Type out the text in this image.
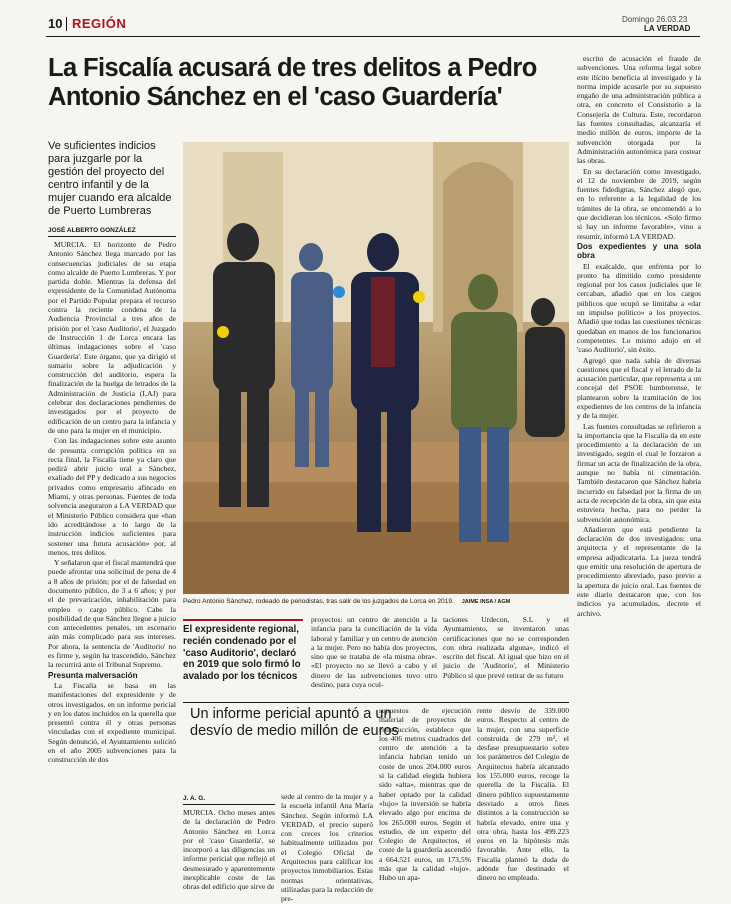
10 REGIÓN	Domingo 26.03.23
LA VERDAD
La Fiscalía acusará de tres delitos a Pedro Antonio Sánchez en el 'caso Guardería'
Ve suficientes indicios para juzgarle por la gestión del proyecto del centro infantil y de la mujer cuando era alcalde de Puerto Lumbreras
JOSÉ ALBERTO GONZÁLEZ

MURCIA. El horizonte de Pedro Antonio Sánchez llega marcado por las consecuencias judiciales de su etapa como alcalde de Puerto Lumbreras. Y por partida doble. Mientras la defensa del expresidente de la Comunidad Autónoma por el Partido Popular prepara el recurso contra la reciente condena de la Audiencia Provincial a tres años de prisión por el 'caso Auditorio', el Juzgado de Instrucción 1 de Lorca encara las últimas indagaciones sobre el 'caso Guardería'. Este órgano, que ya dirigió el sumario sobre la adjudicación y construcción del auditorio, espera la finalización de la huelga de letrados de la Administración de Justicia (LAJ) para celebrar dos declaraciones pendientes de investigados por el proyecto de edificación de un centro para la infancia y de uno para la mujer en el municipio.

Con las indagaciones sobre este asunto de presunta corrupción política en su recta final, la Fiscalía tiene ya claro que pedirá abrir juicio oral a Sánchez, exaliado del PP y dedicado a sus negocios privados como empresario afincado en Miami, y otras personas. Fuentes de toda solvencia aseguraron a LA VERDAD que el Ministerio Público considera que «han ido acreditándose a lo largo de la instrucción indicios suficientes para sostener una futura acusación» por, al menos, tres delitos.

Y señalaron que el fiscal mantendrá que puede afrontar una solicitud de pena de 4 a 8 años de prisión; por el de falsedad en documento público, de 3 a 6 años; y por el de prevaricación, inhabilitación para empleo o cargo público. Cabe la posibilidad de que Sánchez llegue a juicio con antecedentes penales, un escenario aún más complicado para sus intereses. Por ahora, la sentencia de 'Auditorio' no es firme y, según ha trascendido, Sánchez la recurrirá ante el Tribunal Supremo.

Presunta malversación

La Fiscalía se basa en las manifestaciones del expresidente y de otros investigados, en un informe pericial y en los datos incluidos en la querella que presentó contra él y otras personas vinculadas con el expediente municipal. Según denunció, el Ayuntamiento solicitó en el año 2005 subvenciones para la construcción de dos

Pedro Antonio Sánchez, rodeado de periodistas, tras salir de los juzgados de Lorca en 2019. JAIME INSA / AGM
El expresidente regional, recién condenado por el 'caso Auditorio', declaró en 2019 que solo firmó lo avalado por los técnicos
proyectos: un centro de atención a la infancia para la conciliación de la vida laboral y familiar y un centro de atención a la mujer. Pero no había dos proyectos, sino que se trataba de «la misma obra». «El proyecto no se llevó a cabo y el dinero de las subvenciones tuvo otro destino, para cuya ocul-
taciones Urdecon, S.L y el Ayuntamiento, se inventaron unas certificaciones que no se corresponden con obra realizada alguna», indicó el escrito del fiscal. Al igual que hizo en el juicio de 'Auditorio', el Ministerio Público sí que prevé retirar de su futuro

escrito de acusación el fraude de subvenciones. Una reforma legal sobre este ilícito beneficia al investigado y la norma impide acusarle por su supuesto engaño de una administración pública a otra, en concreto el Consistorio a la Consejería de Cultura. Este, recordaron las fuentes consultadas, alcanzaría el medio millón de euros, importe de la subvención otorgada por la Administración autonómica para costear las obras.

En su declaración como investigado, el 12 de noviembre de 2019, según fuentes fidedignas, Sánchez alegó que, en lo referente a la legalidad de los trámites de la obra, se encomendó a lo que decidieran los técnicos. «Solo firmo si hay un informe favorable», vino a resumir, informó LA VERDAD.

Dos expedientes y una sola obra

El exalcalde, que enfrenta por lo pronto ha dimitido como presidente regional por los casos judiciales que le cercaban, añadió que en los cargos públicos que ocupó se limitaba a «dar un impulso político» a los proyectos. Añadió que todas las cuestiones técnicas quedaban en manos de los funcionarios competentes. Lo mismo adujo en el 'caso Auditorio', sin éxito.

Agregó que nada sabía de diversas cuestiones que el fiscal y el letrado de la acusación particular, que representa a un concejal del PSOE lumbrerense, le plantearon sobre la tramitación de los expedientes de los centros de la infancia y de la mujer.

Las fuentes consultadas se refirieron a la importancia que la Fiscalía da en este procedimiento a la declaración de un investigado, según el cual le forzaron a firmar un acta de finalización de la obra, aunque no había ni cimentación. También destacaron que Sánchez habría incurrido en falsedad por la firma de un acta de recepción de la obra, sin que esta estuviera hecha, para no perder la subvención autonómica.

Añadieron que está pendiente la declaración de dos investigados: una arquitecta y el representante de la empresa adjudicataria. La jueza tendrá que emitir una resolución de apertura de procedimiento abreviado, paso previo a la apertura de juicio oral. Las fuentes de este diario destacaron que, con los indicios ya acumulados, decrete el archivo.

Un informe pericial apuntó a un desvío de medio millón de euros
J. A. G.
MURCIA. Ocho meses antes de la declaración de Pedro Antonio Sánchez en Lorca por el 'caso Guardería', se incorporó a las diligencias un informe pericial que reflejó el desmesurado y aparentemente inexplicable coste de las obras del edificio que sirve de
sede al centro de la mujer y a la escuela infantil Ana María Sánchez. Según informó LA VERDAD, el precio superó con creces los criterios habitualmente utilizados por el Colegio Oficial de Arquitectos para calificar los proyectos inmobiliarios. Estas normas orientativas, utilizadas para la redacción de pre-
supuestos de ejecución material de proyectos de construcción, establece que los 406 metros cuadrados del centro de atención a la infancia habrían tenido un coste de unos 204.000 euros si la calidad elegida hubiera sido «alta», mientras que de haber optado por la calidad «lujo» la inversión se habría elevado algo por encima de los 265.000 euros. Según el estudio, de un experto del Colegio de Arquitectos, el coste de la guardería ascendió a 664.521 euros, un 173,5% más que la calidad «lujo». Hubo un apa-
rente desvío de 339.000 euros. Respecto al centro de la mujer, con una superficie construida de 279 m², el desfase presupuestario sobre los parámetros del Colegio de Arquitectos habría alcanzado los 155.000 euros, recoge la querella de la Fiscalía. El dinero público supuestamente desviado a otros fines distintos a la construcción se habría elevado, entre una y otra obra, hasta los 499.223 euros en la hipótesis más favorable. Ante ello, la Fiscalía planteó la duda de adónde fue destinado el dinero no empleado.
